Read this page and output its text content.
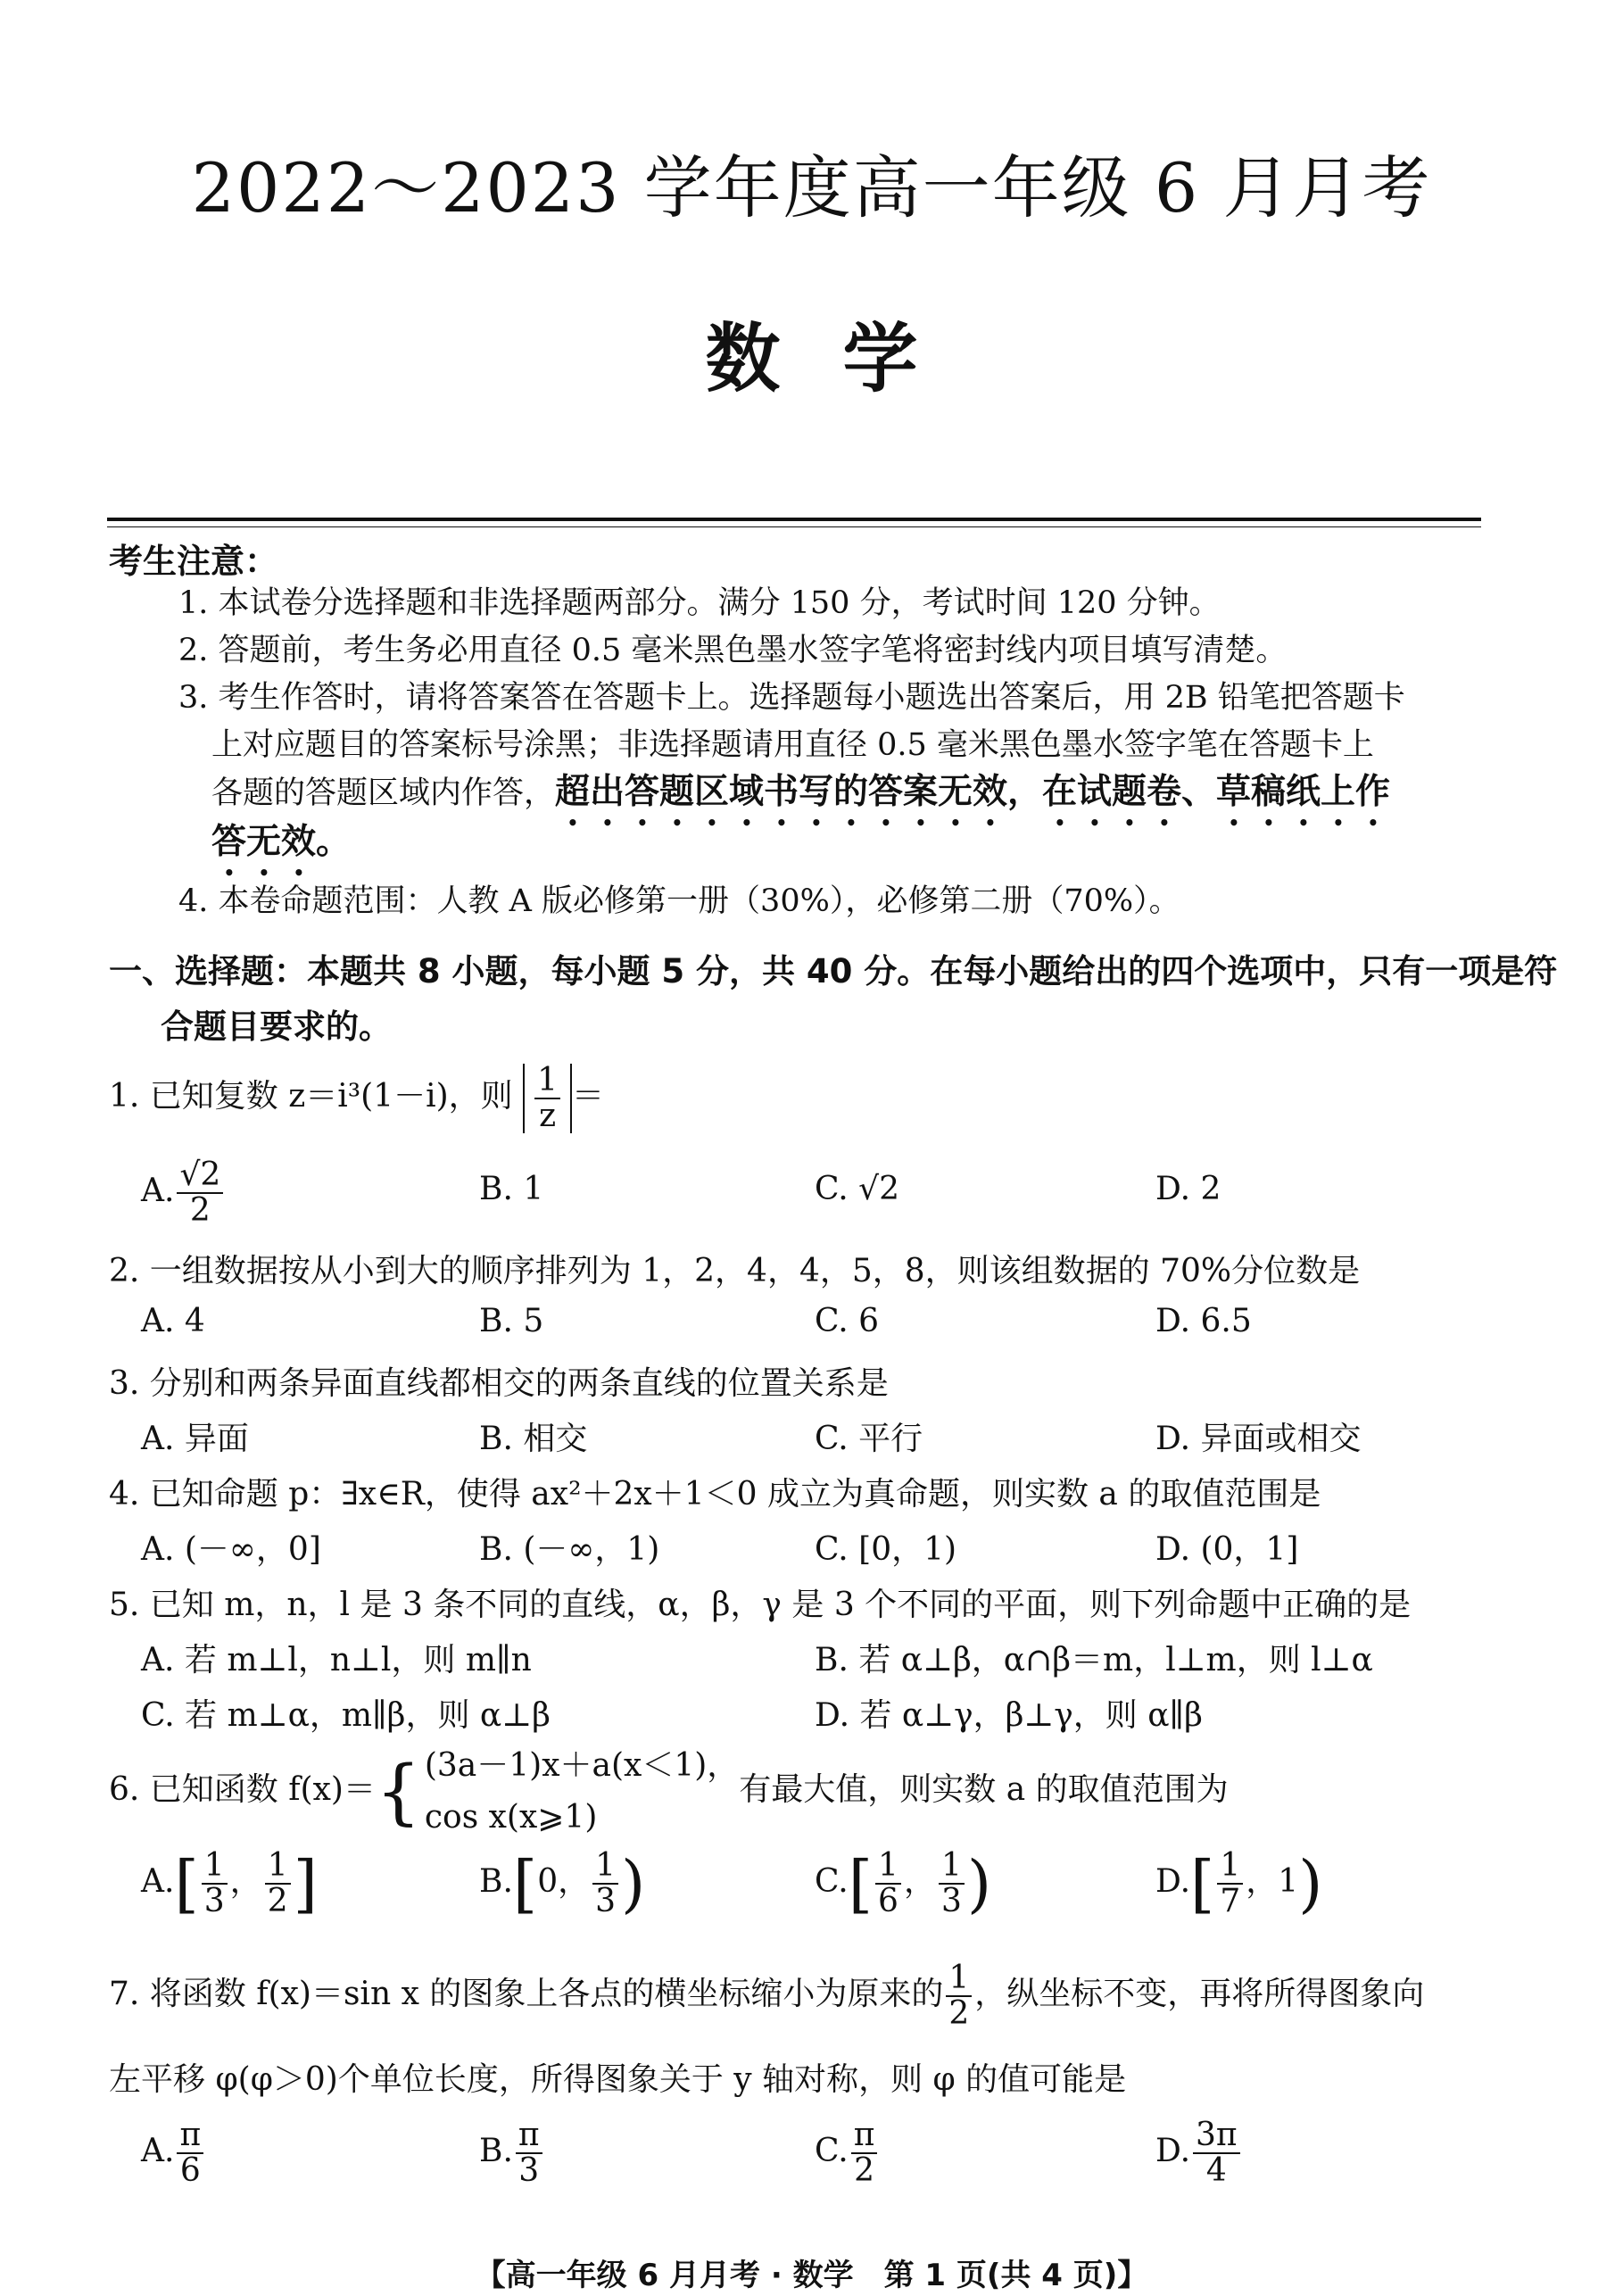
2022～2023 学年度高一年级 6 月月考
数学
考生注意：
1. 本试卷分选择题和非选择题两部分。满分 150 分，考试时间 120 分钟。
2. 答题前，考生务必用直径 0.5 毫米黑色墨水签字笔将密封线内项目填写清楚。
3. 考生作答时，请将答案答在答题卡上。选择题每小题选出答案后，用 2B 铅笔把答题卡
上对应题目的答案标号涂黑；非选择题请用直径 0.5 毫米黑色墨水签字笔在答题卡上
各题的答题区域内作答，超出答题区域书写的答案无效，在试题卷、草稿纸上作
答无效。
4. 本卷命题范围：人教 A 版必修第一册（30%），必修第二册（70%）。
一、选择题：本题共 8 小题，每小题 5 分，共 40 分。在每小题给出的四个选项中，只有一项是符
合题目要求的。
1. 已知复数 z＝i³(1－i)，则 $\frac{1}{z}$ ＝
A. $\frac{√2}{2}$	B. 1	C. √2	D. 2
2. 一组数据按从小到大的顺序排列为 1，2，4，4，5，8，则该组数据的 70%分位数是
A. 4	B. 5	C. 6	D. 6.5
3. 分别和两条异面直线都相交的两条直线的位置关系是
A. 异面	B. 相交	C. 平行	D. 异面或相交
4. 已知命题 p：∃x∈R，使得 ax²＋2x＋1＜0 成立为真命题，则实数 a 的取值范围是
A. (－∞，0]	B. (－∞，1)	C. [0，1)	D. (0，1]
5. 已知 m，n，l 是 3 条不同的直线，α，β，γ 是 3 个不同的平面，则下列命题中正确的是
A. 若 m⊥l，n⊥l，则 m∥n	B. 若 α⊥β，α∩β＝m，l⊥m，则 l⊥α
C. 若 m⊥α，m∥β，则 α⊥β	D. 若 α⊥γ，β⊥γ，则 α∥β
6. 已知函数 f(x)＝{ (3a－1)x＋a(x＜1)，
cos x(x⩾1)
有最大值，则实数 a 的取值范围为
$A.[ \frac{1}{3}$ ， $\frac{1}{2}$ ]	B.[0， $\frac{1}{3}$ )	$C.[ \frac{1}{6}$ ， $\frac{1}{3}$ )	$D.[ \frac{1}{7}$ ，1)
7. 将函数 f(x)＝sin x 的图象上各点的横坐标缩小为原来的 $\frac{1}{2}$ ，纵坐标不变，再将所得图象向
左平移 φ(φ＞0)个单位长度，所得图象关于 y 轴对称，则 φ 的值可能是
A. $\frac{\pi}{6}$	B. $\frac{\pi}{3}$	C. $\frac{\pi}{2}$	D. $\frac{3\pi}{4}$
【高一年级 6 月月考 · 数学　第 1 页(共 4 页)】
